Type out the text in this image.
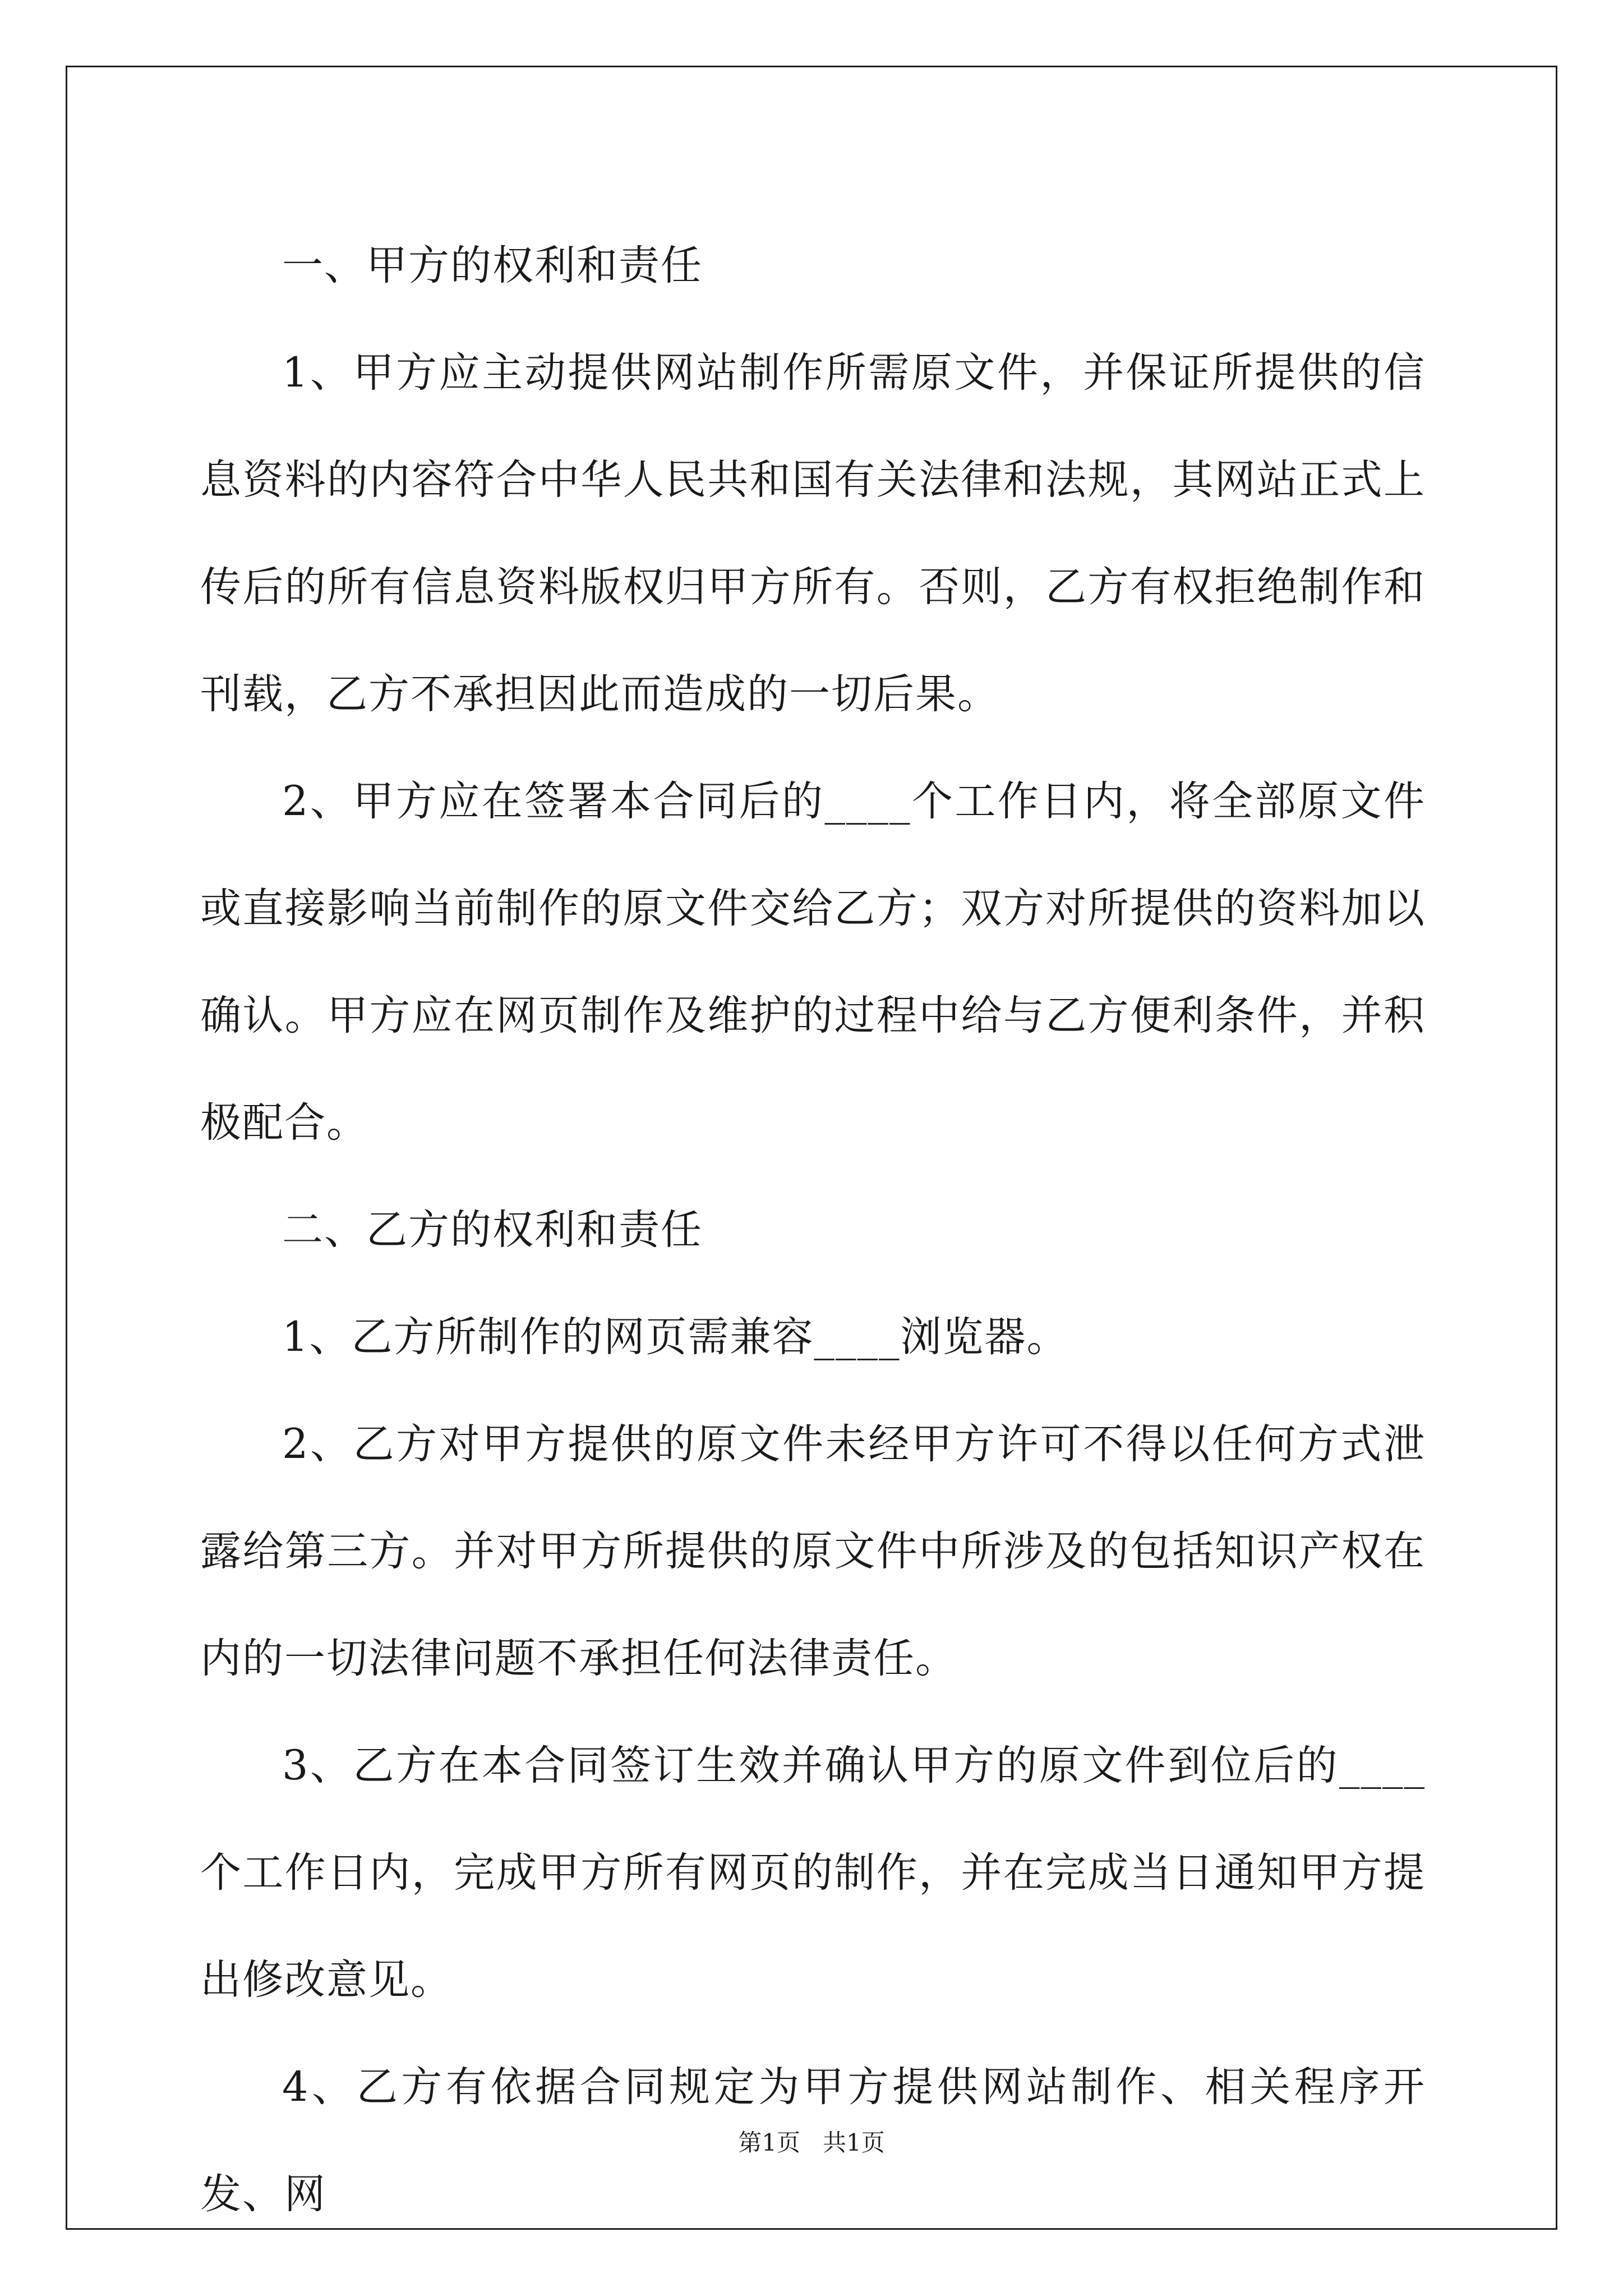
一、甲方的权利和责任

1、甲方应主动提供网站制作所需原文件，并保证所提供的信息资料的内容符合中华人民共和国有关法律和法规，其网站正式上传后的所有信息资料版权归甲方所有。否则，乙方有权拒绝制作和刊载，乙方不承担因此而造成的一切后果。

2、甲方应在签署本合同后的____个工作日内，将全部原文件或直接影响当前制作的原文件交给乙方；双方对所提供的资料加以确认。甲方应在网页制作及维护的过程中给与乙方便利条件，并积极配合。

二、乙方的权利和责任

1、乙方所制作的网页需兼容____浏览器。

2、乙方对甲方提供的原文件未经甲方许可不得以任何方式泄露给第三方。并对甲方所提供的原文件中所涉及的包括知识产权在内的一切法律问题不承担任何法律责任。

3、乙方在本合同签订生效并确认甲方的原文件到位后的____个工作日内，完成甲方所有网页的制作，并在完成当日通知甲方提出修改意见。

4、乙方有依据合同规定为甲方提供网站制作、相关程序开发、网

第1页   共1页
